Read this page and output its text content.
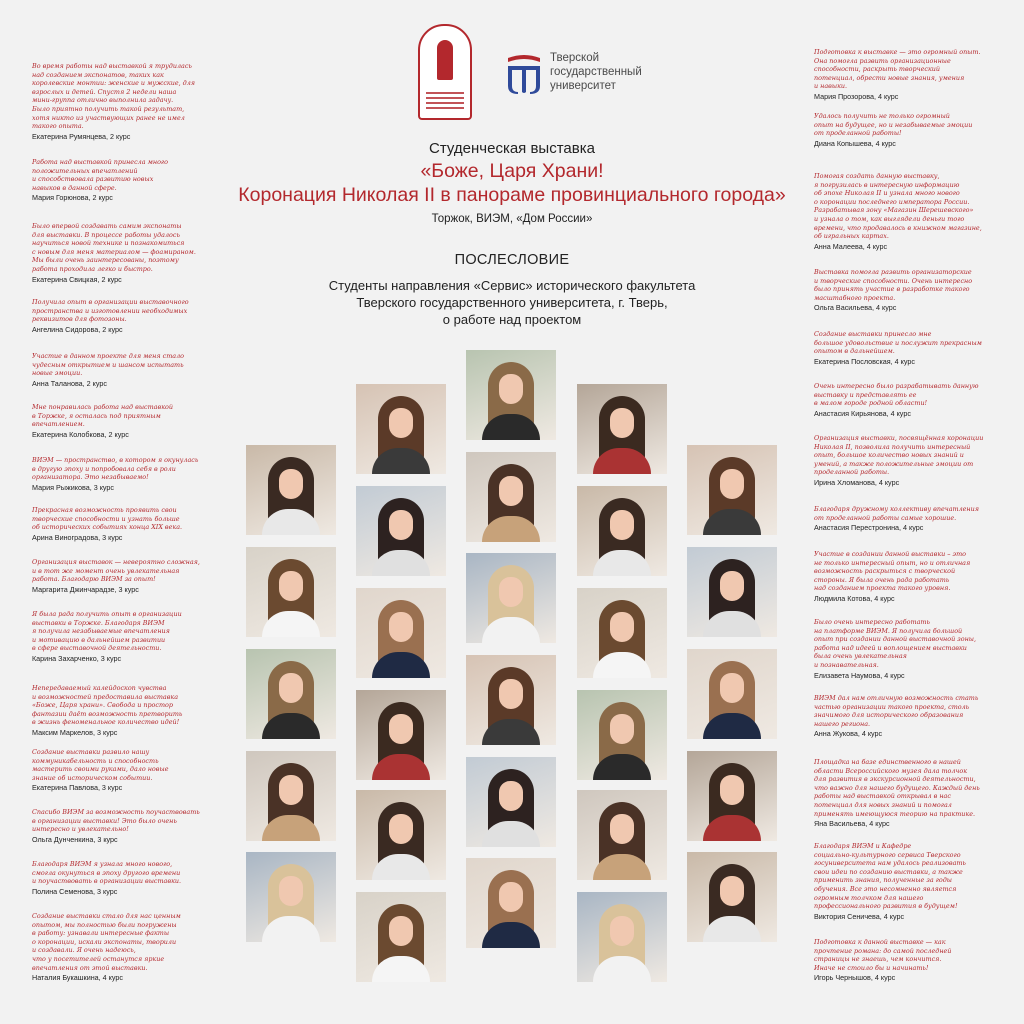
Во время работы над выставкой я трудилась
над созданием экспонатов, таких как
королевские монтии: женские и мужские, для
взрослых и детей. Спустя 2 недели наша
мини-группа отлично выполнила задачу.
Было приятно получить такой результат,
хотя никто из участвующих ранее не имел
такого опыта.
Екатерина Румянцева, 2 курс
Работа над выставкой принесла много
положительных впечатлений
и способствовала развитию новых
навыков в данной сфере.
Мария Горюнова, 2 курс
Было впервой создавать самим экспонаты
для выставки. В процессе работы удалось
научиться новой технике и познакомиться
с новым для меня материалом — фоамираном.
Мы были очень заинтересованы, поэтому
работа проходила легко и быстро.
Екатерина Свицкая, 2 курс
Получила опыт в организации выставочного
пространства и изготовлении необходимых
реквизитов для фотозоны.
Ангелина Сидорова, 2 курс
Участие в данном проекте для меня стало
чудесным открытием и шансом испытать
новые эмоции.
Анна Таланова, 2 курс
Мне понравилась работа над выставкой
в Торжке, я осталась под приятным
впечатлением.
Екатерина Колобкова, 2 курс
ВИЭМ — пространство, в котором я окунулась
в другую эпоху и попробовала себя в роли
организатора. Это незабываемо!
Мария Рыжикова, 3 курс
Прекрасная возможность проявить свои
творческие способности и узнать больше
об исторических событиях конца XIX века.
Арина Виноградова, 3 курс
Организация выставок — невероятно сложная,
и в тот же момент очень увлекательная
работа. Благодарю ВИЭМ за опыт!
Маргарита Джинчарадзе, 3 курс
Я была рада получить опыт в организации
выставки в Торжке. Благодаря ВИЭМ
я получила незабываемые впечатления
и мотивацию в дальнейшем развитии
в сфере выставочной деятельности.
Карина Захарченко, 3 курс
Непередаваемый калейдоскоп чувства
и возможностей предоставила выставка
«Боже, Царя храни». Свобода и простор
фантазии даёт возможность претворить
в жизнь феноменальное количество идей!
Максим Маркелов, 3 курс
Создание выставки развило нашу
коммуникабельность и способность
мастерить своими руками, дало новые
знание об историческом событии.
Екатерина Павлова, 3 курс
Спасибо ВИЭМ за возможность поучаствовать
в организации выставки! Это было очень
интересно и увлекательно!
Ольга Дунченкина, 3 курс
Благодаря ВИЭМ я узнала много нового,
смогла окунуться в эпоху другого времени
и поучаствовать в организации выставки.
Полина Семенова, 3 курс
Создание выставки стало для нас ценным
опытом, мы полностью были погружены
в работу: узнавали интересные факты
о коронации, искали экспонаты, творили
и создавали. Я очень надеюсь,
что у посетителей останутся яркие
впечатления от этой выставки.
Наталия Букашкина, 4 курс
Подготовка к выставке — это огромный опыт.
Она помогла развить организационные
способности, раскрыть творческий
потенциал, обрести новые знания, умения
и навыки.
Мария Прозорова, 4 курс
Удалось получить не только огромный
опыт на будущее, но и незабываемые эмоции
от проделанной работы!
Диана Копышева, 4 курс
Помогая создать данную выставку,
я погрузилась в интересную информацию
об эпохе Николая II и узнала много нового
о коронации последнего императора России.
Разрабатывая зону «Магазин Шерешевского»
и узнала о том, как выглядели деньги того
времени, что продавалось в книжном магазине,
об игральных картах.
Анна Малеева, 4 курс
Выставка помогла развить организаторские
и творческие способности. Очень интересно
было принять участие в разработке такого
масштабного проекта.
Ольга Васильева, 4 курс
Создание выставки принесло мне
большое удовольствие и послужит прекрасным
опытом в дальнейшем.
Екатерина Пословская, 4 курс
Очень интересно было разрабатывать данную
выставку и представлять ее
в малом городе родной области!
Анастасия Кирьянова, 4 курс
Организация выставки, посвящённая коронации
Николая II, позволила получить интересный
опыт, большое количество новых знаний и
умений, а также положительные эмоции от
проделанной работы.
Ирина Хломанова, 4 курс
Благодаря дружному коллективу впечатления
от проделанной работы самые хорошие.
Анастасия Перестронина, 4 курс
Участие в создании данной выставки – это
не только интересный опыт, но и отличная
возможность раскрыться с творческой
стороны. Я была очень рада работать
над созданием проекта такого уровня.
Людмила Котова, 4 курс
Было очень интересно работать
на платформе ВИЭМ. Я получила большой
опыт при создании данной выставочной зоны,
работа над идеей и воплощением выставки
была очень увлекательная
и познавательная.
Елизавета Наумова, 4 курс
ВИЭМ дал нам отличную возможность стать
частью организации такого проекта, столь
значимого для исторического образования
нашего региона.
Анна Жукова, 4 курс
Площадка на базе единственного в нашей
области Всероссийского музея дала толчок
для развития в экскурсионной деятельности,
что важно для нашего будущего. Каждый день
работы над выставкой открывал в нас
потенциал для новых знаний и помогал
применять имеющуюся теорию на практике.
Яна Васильева, 4 курс
Благодаря ВИЭМ и Кафедре
социально-культурного сервиса Тверского
госуниверситета нам удалось реализовать
свои идеи по созданию выставки, а также
применить знания, полученные за годы
обучения. Все это несомненно является
огромным толчком для нашего
профессионального развития в будущем!
Виктория Сеничева, 4 курс
Подготовка к данной выставке — как
прочтение романа: до самой последней
страницы не знаешь, чем кончится.
Иначе не стоило бы и начинать!
Игорь Чернышов, 4 курс
Тверской
государственный
университет
Студенческая выставка
«Боже, Царя Храни!
Коронация Николая II в панораме провинциального города»
Торжок, ВИЭМ, «Дом России»
ПОСЛЕСЛОВИЕ
Студенты направления «Сервис» исторического факультета
Тверского государственного университета, г. Тверь,
о работе над проектом
